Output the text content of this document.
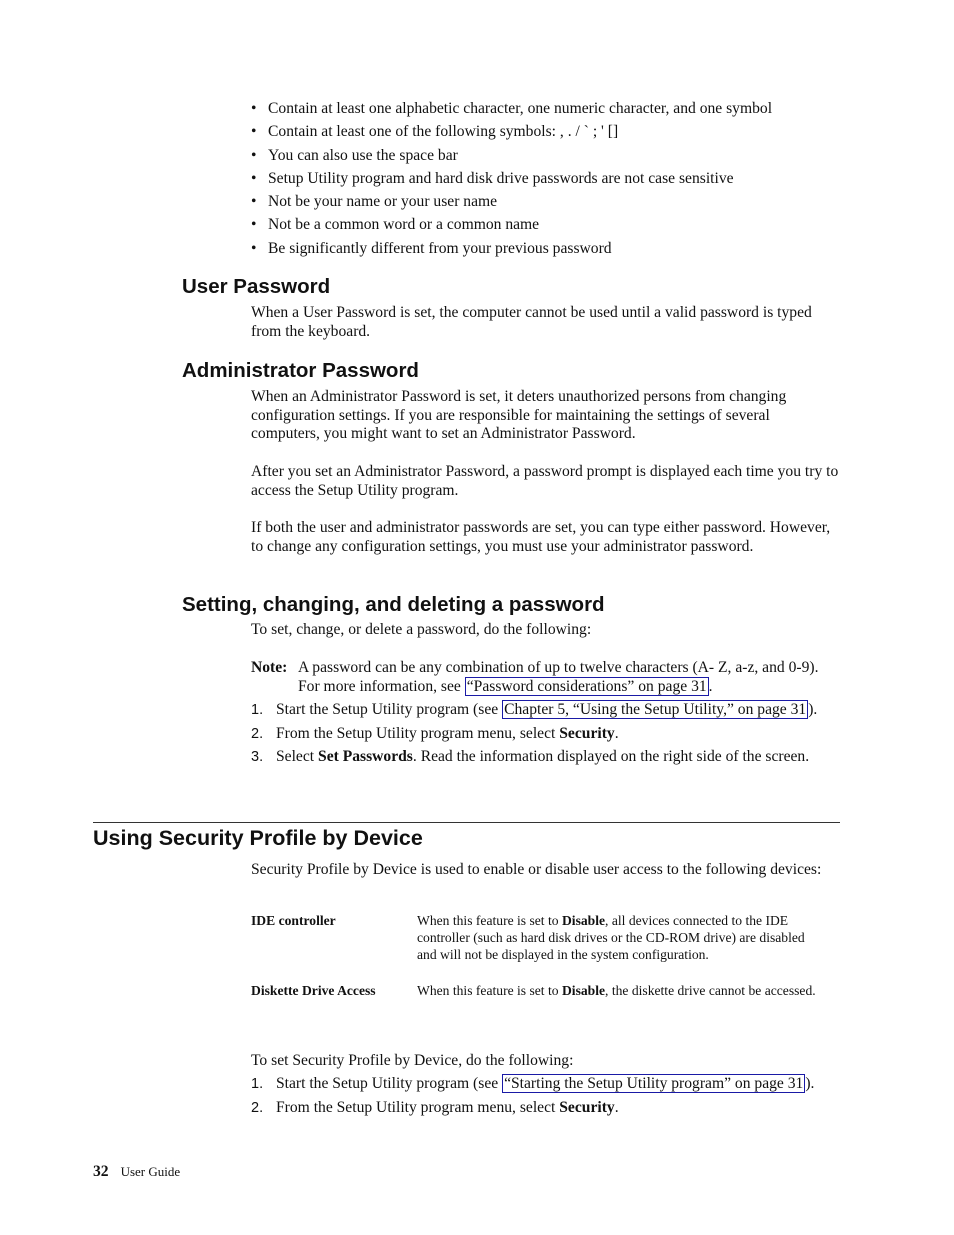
• Contain at least one alphabetic character, one numeric character, and one symbol
• Contain at least one of the following symbols: , . / ` ; ' []
• You can also use the space bar
• Setup Utility program and hard disk drive passwords are not case sensitive
• Not be your name or your user name
• Not be a common word or a common name
• Be significantly different from your previous password
User Password

When a User Password is set, the computer cannot be used until a valid password is typed from the keyboard.

Administrator Password

When an Administrator Password is set, it deters unauthorized persons from changing configuration settings. If you are responsible for maintaining the settings of several computers, you might want to set an Administrator Password.

After you set an Administrator Password, a password prompt is displayed each time you try to access the Setup Utility program.

If both the user and administrator passwords are set, you can type either password. However, to change any configuration settings, you must use your administrator password.

Setting, changing, and deleting a password

To set, change, or delete a password, do the following:

Note: A password can be any combination of up to twelve characters (A- Z, a-z, and 0-9). For more information, see “Password considerations” on page 31 .
1. Start the Setup Utility program (see Chapter 5, “Using the Setup Utility,” on page 31 ).
2. From the Setup Utility program menu, select Security.
3. Select Set Passwords. Read the information displayed on the right side of the screen.
Using Security Profile by Device

Security Profile by Device is used to enable or disable user access to the following devices:

IDE controller	When this feature is set to Disable, all devices connected to the IDE controller (such as hard disk drives or the CD-ROM drive) are disabled and will not be displayed in the system configuration.
Diskette Drive Access	When this feature is set to Disable, the diskette drive cannot be accessed.

To set Security Profile by Device, do the following:

1. Start the Setup Utility program (see “Starting the Setup Utility program” on page 31 ).
2. From the Setup Utility program menu, select Security.
32 User Guide
